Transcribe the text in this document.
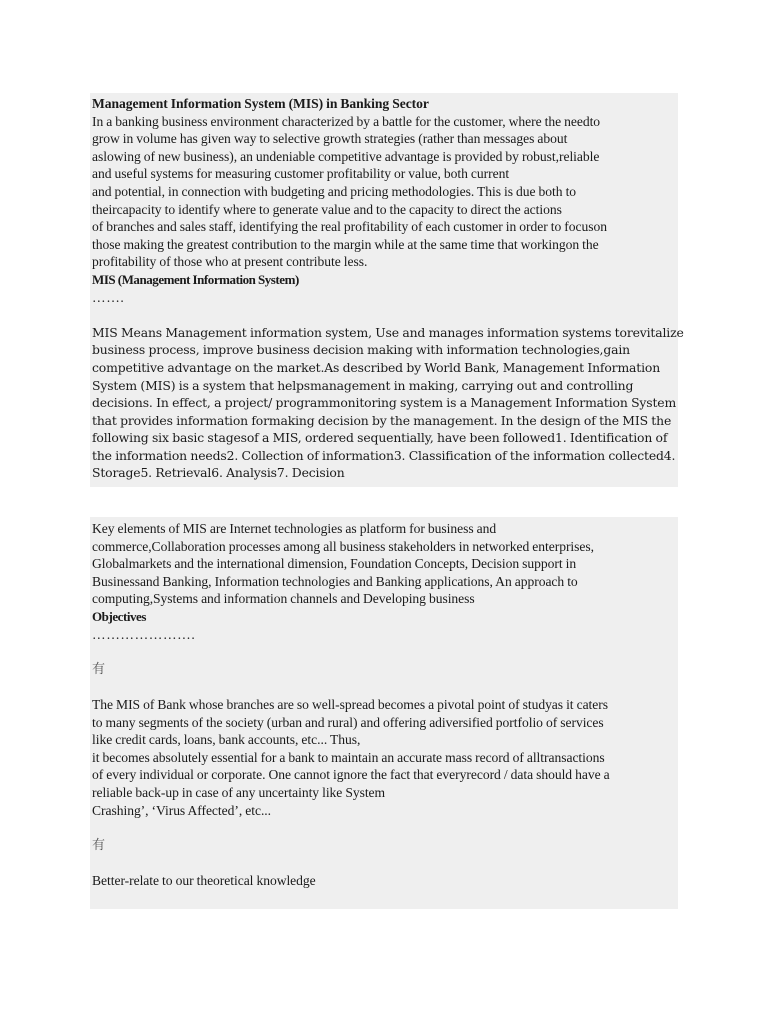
Management Information System (MIS) in Banking Sector
In a banking business environment characterized by a battle for the customer, where the needto
grow in volume has given way to selective growth strategies (rather than messages about
aslowing of new business), an undeniable competitive advantage is provided by robust,reliable
and useful systems for measuring customer profitability or value, both current
and potential, in connection with budgeting and pricing methodologies. This is due both to
theircapacity to identify where to generate value and to the capacity to direct the actions
of branches and sales staff, identifying the real profitability of each customer in order to focuson
those making the greatest contribution to the margin while at the same time that workingon the
profitability of those who at present contribute less.
MIS (Management Information System)
…….
MIS Means Management information system, Use and manages information systems torevitalize
business process, improve business decision making with information technologies,gain
competitive advantage on the market.As described by World Bank, Management Information
System (MIS) is a system that helpsmanagement in making, carrying out and controlling
decisions. In effect, a project/ programmonitoring system is a Management Information System
that provides information formaking decision by the management. In the design of the MIS the
following six basic stagesof a MIS, ordered sequentially, have been followed1. Identification of
the information needs2. Collection of information3. Classification of the information collected4.
Storage5. Retrieval6. Analysis7. Decision
Key elements of MIS are Internet technologies as platform for business and
commerce,Collaboration processes among all business stakeholders in networked enterprises,
Globalmarkets and the international dimension, Foundation Concepts, Decision support in
Businessand Banking, Information technologies and Banking applications, An approach to
computing,Systems and information channels and Developing business
Objectives
………………….
有
The MIS of Bank whose branches are so well-spread becomes a pivotal point of studyas it caters
to many segments of the society (urban and rural) and offering adiversified portfolio of services
like credit cards, loans, bank accounts, etc... Thus,
it becomes absolutely essential for a bank to maintain an accurate mass record of alltransactions
of every individual or corporate. One cannot ignore the fact that everyrecord / data should have a
reliable back-up in case of any uncertainty like System
Crashing’, ‘Virus Affected’, etc...
有
Better-relate to our theoretical knowledge
